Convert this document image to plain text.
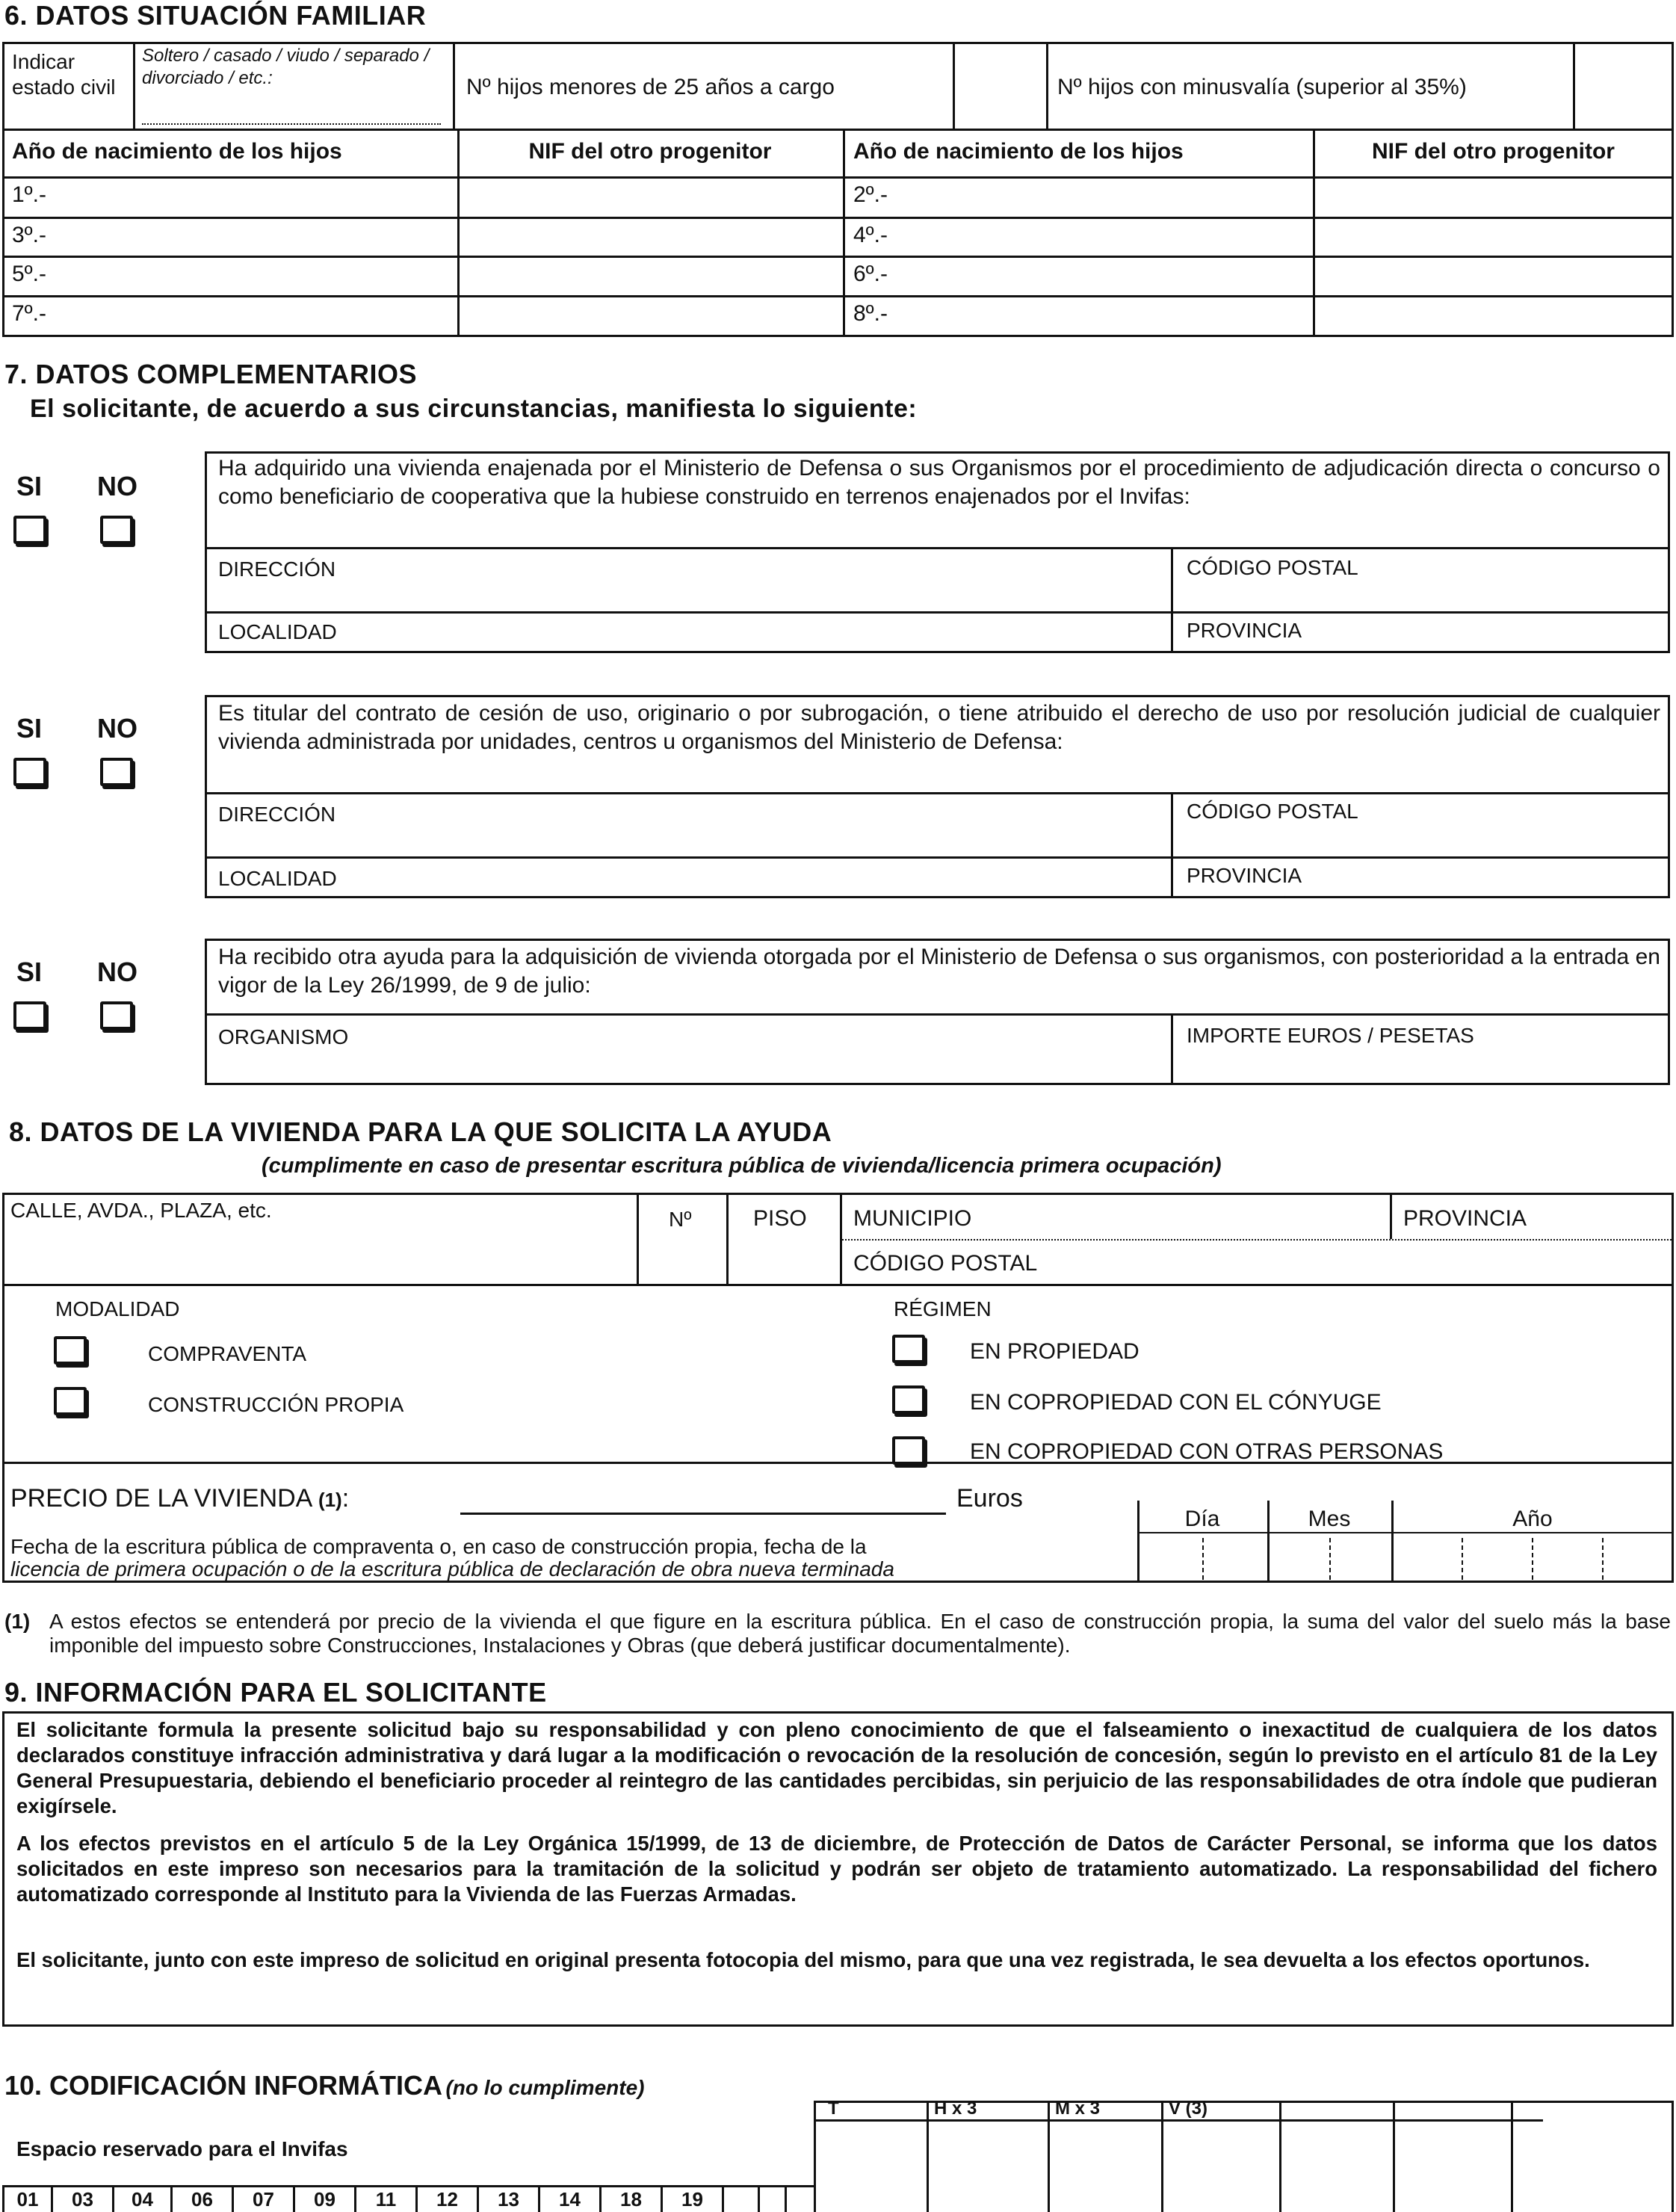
6. DATOS SITUACIÓN FAMILIAR
Indicar estado civil
Soltero / casado / viudo / separado / divorciado / etc.:	Nº hijos menores de 25 años a cargo	Nº hijos con minusvalía (superior al 35%)
Año de nacimiento de los hijos	NIF del otro progenitor	Año de nacimiento de los hijos	NIF del otro progenitor
1º.-	2º.-
3º.-	4º.-
5º.-	6º.-
7º.-	8º.-
7. DATOS COMPLEMENTARIOS
El solicitante, de acuerdo a sus circunstancias, manifiesta lo siguiente:
SI NO
Ha adquirido una vivienda enajenada por el Ministerio de Defensa o sus Organismos por el procedimiento de adjudicación directa o concurso o como beneficiario de cooperativa que la hubiese construido en terrenos enajenados por el Invifas:
DIRECCIÓN	CÓDIGO POSTAL
LOCALIDAD	PROVINCIA
SI NO	Es titular del contrato de cesión de uso, originario o por subrogación, o tiene atribuido el derecho de uso por resolución judicial de cualquier vivienda administrada por unidades, centros u organismos del Ministerio de Defensa:
DIRECCIÓN	CÓDIGO POSTAL
LOCALIDAD	PROVINCIA
SI NO	Ha recibido otra ayuda para la adquisición de vivienda otorgada por el Ministerio de Defensa o sus organismos, con posterioridad a la entrada en vigor de la Ley 26/1999, de 9 de julio:
ORGANISMO	IMPORTE EUROS / PESETAS
8. DATOS DE LA VIVIENDA PARA LA QUE SOLICITA LA AYUDA
(cumplimente en caso de presentar escritura pública de vivienda/licencia primera ocupación)
CALLE, AVDA., PLAZA, etc.	Nº	PISO MUNICIPIO	PROVINCIA
CÓDIGO POSTAL
MODALIDAD
COMPRAVENTA
CONSTRUCCIÓN PROPIA
RÉGIMEN
EN PROPIEDAD
EN COPROPIEDAD CON EL CÓNYUGE
EN COPROPIEDAD CON OTRAS PERSONAS
PRECIO DE LA VIVIENDA (1):	Euros
Día	Mes	Año
Fecha de la escritura pública de compraventa o, en caso de construcción propia, fecha de la
licencia de primera ocupación o de la escritura pública de declaración de obra nueva terminada
(1) A estos efectos se entenderá por precio de la vivienda el que figure en la escritura pública. En el caso de construcción propia, la suma del valor del suelo más la base imponible del impuesto sobre Construcciones, Instalaciones y Obras (que deberá justificar documentalmente).
9. INFORMACIÓN PARA EL SOLICITANTE
El solicitante formula la presente solicitud bajo su responsabilidad y con pleno conocimiento de que el falseamiento o inexactitud de cualquiera de los datos declarados constituye infracción administrativa y dará lugar a la modificación o revocación de la resolución de concesión, según lo previsto en el artículo 81 de la Ley General Presupuestaria, debiendo el beneficiario proceder al reintegro de las cantidades percibidas, sin perjuicio de las responsabilidades de otra índole que pudieran exigírsele.
A los efectos previstos en el artículo 5 de la Ley Orgánica 15/1999, de 13 de diciembre, de Protección de Datos de Carácter Personal, se informa que los datos solicitados en este impreso son necesarios para la tramitación de la solicitud y podrán ser objeto de tratamiento automatizado. La responsabilidad del fichero automatizado corresponde al Instituto para la Vivienda de las Fuerzas Armadas.
El solicitante, junto con este impreso de solicitud en original presenta fotocopia del mismo, para que una vez registrada, le sea devuelta a los efectos oportunos.
10. CODIFICACIÓN INFORMÁTICA (no lo cumplimente)
Espacio reservado para el Invifas
T	H x 3	M x 3	V (3)
01	03	04	06	07	09	11	12	13	14	18	19
